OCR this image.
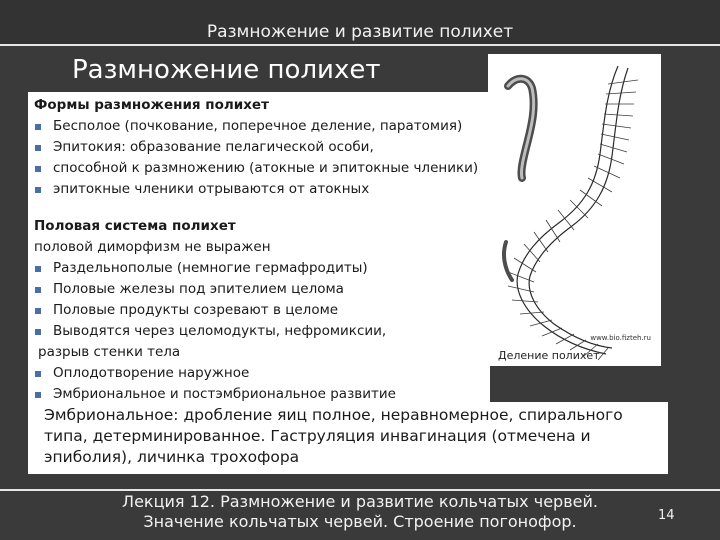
Размножение и развитие полихет
Размножение полихет
Формы размножения полихет
Бесполое (почкование, поперечное деление, паратомия)
Эпитокия: образование пелагической особи,
способной к размножению (атокные и эпитокные членики)
эпитокные членики отрываются от атокных
Половая система полихет
половой диморфизм не выражен
Раздельнополые (немногие гермафродиты)
Половые железы под эпителием целома
Половые продукты созревают в целоме
Выводятся через целомодукты, нефромиксии,
разрыв стенки тела
Оплодотворение наружное
Эмбриональное и постэмбриональное развитие
www.bio.fizteh.ru
Деление полихет
Эмбриональное: дробление яиц полное, неравномерное, спирального типа, детерминированное. Гаструляция инвагинация (отмечена и эпиболия), личинка трохофора
Лекция 12. Размножение и развитие кольчатых червей.
Значение кольчатых червей. Строение погонофор.	14
